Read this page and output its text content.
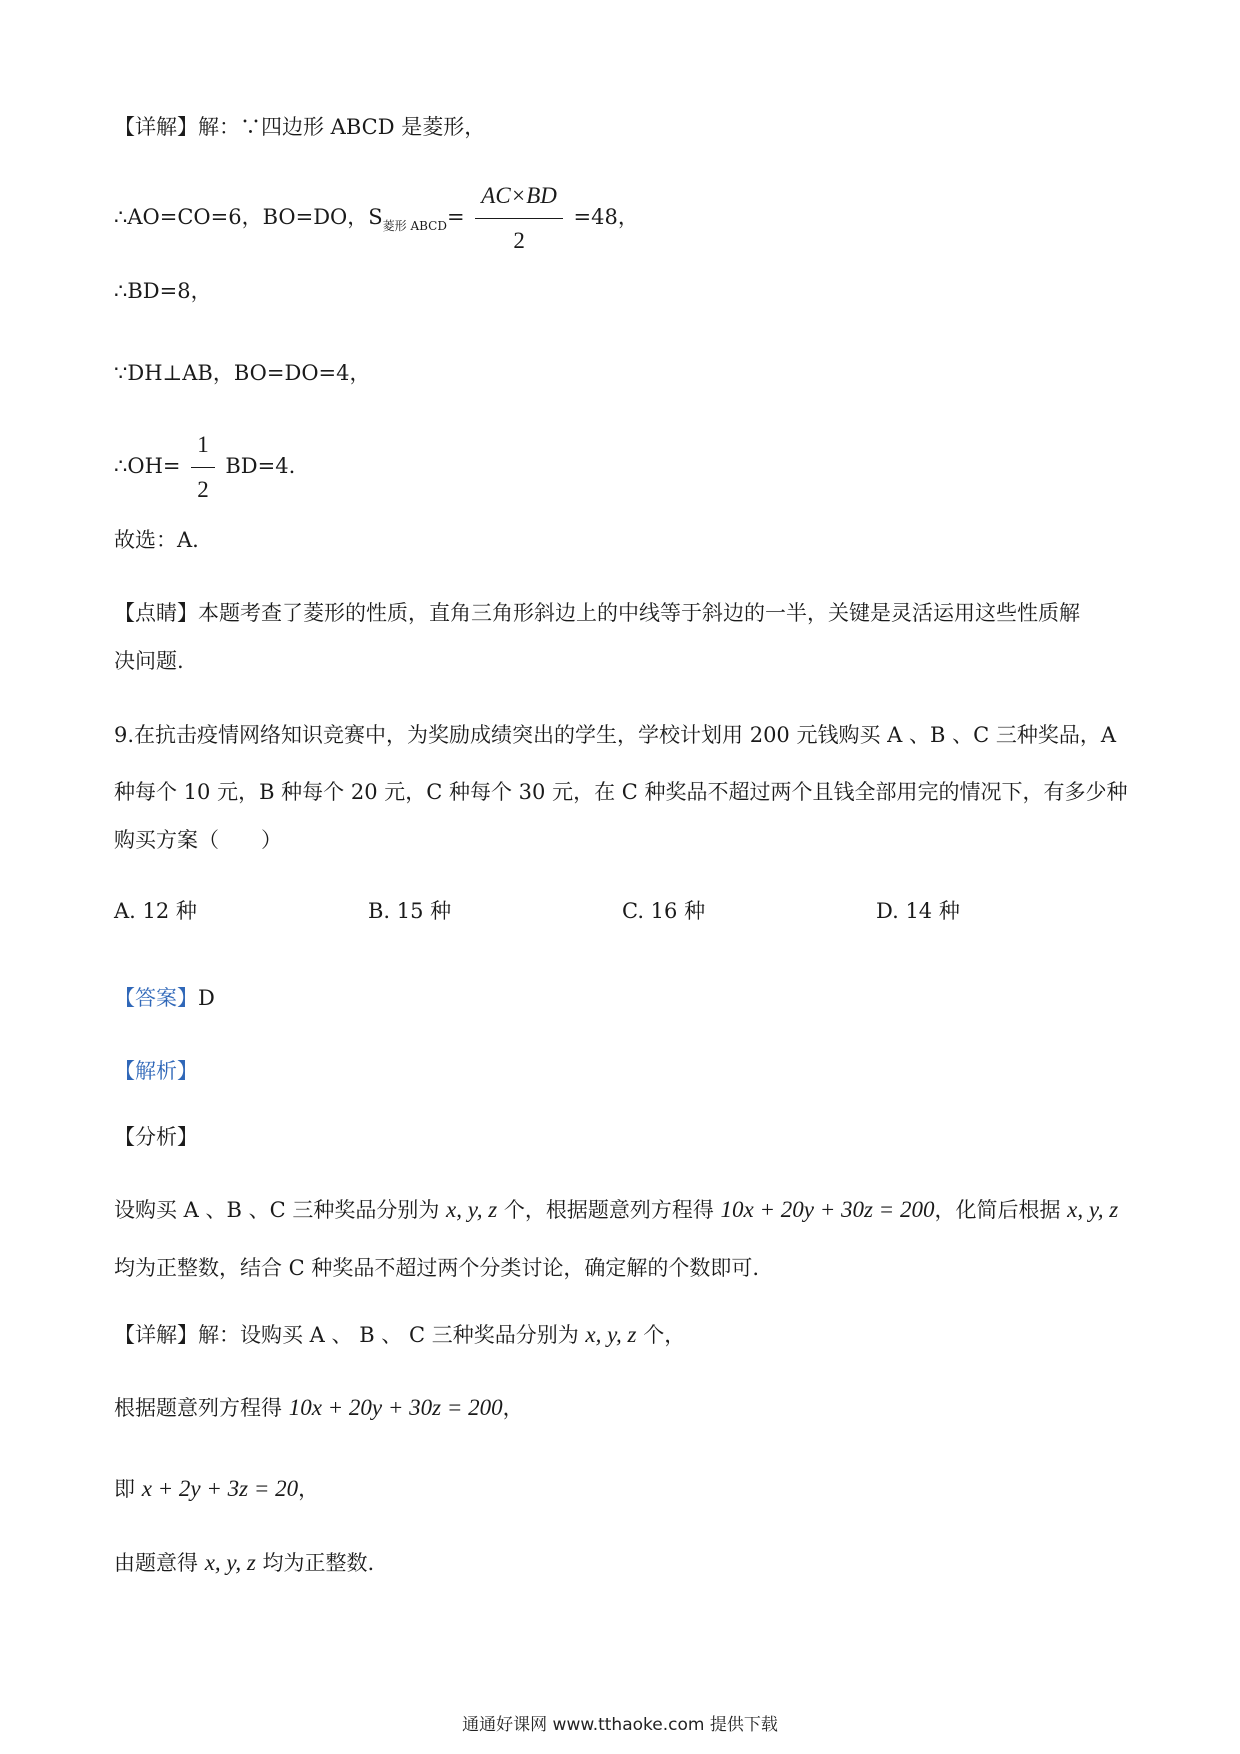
【详解】解：∵四边形 ABCD 是菱形，
∴AO=CO=6，BO=DO，$S_{菱形 ABCD}= \frac{AC\times BD}{2} =48$，
∴BD=8，
∵DH⊥AB，BO=DO=4，
∴OH= $\frac{1}{2} BD=4$.
故选：A.
【点睛】本题考查了菱形的性质，直角三角形斜边上的中线等于斜边的一半，关键是灵活运用这些性质解
决问题.
9.在抗击疫情网络知识竞赛中，为奖励成绩突出的学生，学校计划用 200 元钱购买 A 、B 、C 三种奖品，A
种每个 10 元，B 种每个 20 元，C 种每个 30 元，在 C 种奖品不超过两个且钱全部用完的情况下，有多少种
购买方案（　　）
A. 12 种	B. 15 种	C. 16 种	D. 14 种
【答案】D
【解析】
【分析】
设购买 A 、B 、C 三种奖品分别为 x, y, z 个，根据题意列方程得 10x + 20y + 30z = 200，化简后根据 x, y, z
均为正整数，结合 C 种奖品不超过两个分类讨论，确定解的个数即可.
【详解】解：设购买 A 、 B 、 C 三种奖品分别为 x, y, z 个，
根据题意列方程得 10x + 20y + 30z = 200，
即 x + 2y + 3z = 20，
由题意得 x, y, z 均为正整数.
通通好课网 www.tthaoke.com 提供下载
